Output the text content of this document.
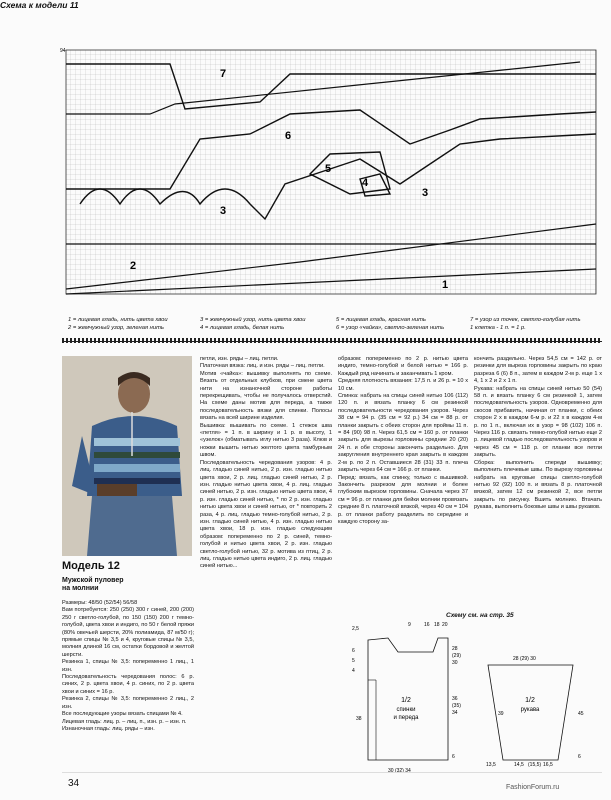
Схема к модели 11
94
7
6
5
4
3
3
2
1
1 = лицевая гладь, нить цвета хвои
2 = жемчужный узор, зеленая нить
3 = жемчужный узор, нить цвета хвои
4 = лицевая гладь, белая нить
5 = лицевая гладь, красная нить
6 = узор «чайка», светло-зеленая нить
7 = узор из точек, светло-голубая нить
1 клетка - 1 п. = 1 р.
Модель 12
Мужской пуловер
на молнии

Размеры: 48/50 (52/54) 56/58

Вам потребуется: 250 (250) 300 г синей, 200 (200) 250 г светло-голубой, по 150 (150) 200 г темно-голубой, цвета хвои и индиго, по 50 г белой пряжи (80% овечьей шерсти, 20% полиамида, 87 м/50 г); прямые спицы № 3,5 и 4, круговые спицы № 3,5, молния длиной 16 см, остатки бордовой и желтой шерсти.

Резинка 1, спицы № 3,5: попеременно 1 лиц., 1 изн.

Последовательность чередования полос: 6 р. синих, 2 р. цвета хвои, 4 р. синих, по 2 р. цвета хвои и синих = 16 р.

Резинка 2, спицы № 3,5: попеременно 2 лиц., 2 изн.

Все последующие узоры вязать спицами № 4.

Лицевая гладь: лиц. р. – лиц. п., изн. р. – изн. п.

Изнаночная гладь: лиц. ряды – изн.

петли, изн. ряды – лиц. петли.

Платочная вязка: лиц. и изн. ряды – лиц. петли.

Мотив «чайка»: вышивку выполнять по схеме. Вязать от отдельных клубков, при смене цвета нити на изнаночной стороне работы перекрещивать, чтобы не получалось отверстий. На схеме даны мотив для переда, а также последовательность вязки для спинки. Полосы вязать на всей ширине изделия.

Вышивка: вышивать по схеме. 1 стежок шва «петля» = 1 п. в ширину и 1 р. в высоту, 1 «узелок» (обматывать иглу нитью 3 раза). Клюв и ножки вышить нитью желтого цвета тамбурным швом.

Последовательность чередования узоров: 4 р. лиц. гладью синей нитью, 2 р. изн. гладью нитью цвета хвои, 2 р. лиц. гладью синей нитью, 2 р. изн. гладью нитью цвета хвои, 4 р. лиц. гладью синей нитью, 2 р. изн. гладью нитью цвета хвои, 4 р. изн. гладью синей нитью, * по 2 р. изн. гладью нитью цвета хвои и синей нитью, от * повторить 2 раза, 4 р. лиц. гладью темно-голубой нитью, 2 р. изн. гладью синей нитью, 4 р. изн. гладью нитью цвета хвои, 18 р. изн. гладью следующим образом: попеременно по 2 р. синей, темно-голубой и нитью цвета хвои, 2 р. изн. гладью светло-голубой нитью, 32 р. мотива из птиц, 2 р. лиц. гладью нитью цвета индиго, 2 р. лиц. гладью синей нитью...

образом: попеременно по 2 р. нитью цвета индиго, темно-голубой и белой нитью = 166 р. Каждый ряд начинать и заканчивать 1 кром.

Средняя плотность вязания: 17,5 п. и 26 р. = 10 x 10 см.

Спинка: набрать на спицы синей нитью 106 (112) 120 п. и вязать планку 6 см резинкой последовательности чередования узоров. Через 38 см = 94 р. (35 см = 92 р.) 34 см = 88 р. от планки закрыть с обеих сторон для проймы 11 п. = 84 (90) 98 п. Через 61,5 см = 160 р. от планки закрыть для вырезы горловины средние 20 (20) 24 п. и обе стороны закончить раздельно. Для закругления внутреннего края закрыть в каждом 2-м р. по 2 п. Оставшиеся 28 (31) 33 п. плеча закрыть через 64 см = 166 р. от планки.

Перед: вязать, как спинку, только с вышивкой. Закончить разрезом для молнии и более глубоким вырезом горловины. Сначала через 37 см = 96 р. от планки для бейки молнии провязать средние 8 п. платочной вязкой, через 40 см = 104 р. от планки работу разделить по середине и каждую сторону за-

кончить раздельно. Через 54,5 см = 142 р. от резинки для выреза горловины закрыть по краю разреза 6 (6) 8 п., затем в каждом 2-м р. еще 1 x 4, 1 x 2 и 2 x 1 п.

Рукава: набрать на спицы синей нитью 50 (54) 58 п. и вязать планку 6 см резинкой 1, затем последовательность узоров. Одновременно для скосов прибавить, начиная от планки, с обеих сторон 2 x в каждом 6-м р. и 22 x в каждом 4-м р. по 1 п., включая их в узор = 98 (102) 106 п. Через 116 р. связать темно-голубой нитью еще 2 р. лицевой гладью последовательность узоров и через 45 см = 118 р. от планки все петли закрыть.

Сборка: выполнить спереди вышивку; выполнить плечевые швы. По вырезу горловины набрать на круговые спицы светло-голубой нитью 92 (92) 100 п. и вязать 8 р. платочной вязкой, затем 12 см резинкой 2, все петли закрыть по рисунку. Вшить молнию. Втачать рукава, выполнить боковые швы и швы рукавов.

Схему см. на стр. 35
1/2
спинки
и переда
2,5
9	16 18 20
6
5
4
28
(29)
30
36
(35)
34
38
30 (32) 34
6
1/2
рукава
28 (29) 30
39	45
13,5	14,5 (15,5) 16,5
6
34	FashionForum.ru
